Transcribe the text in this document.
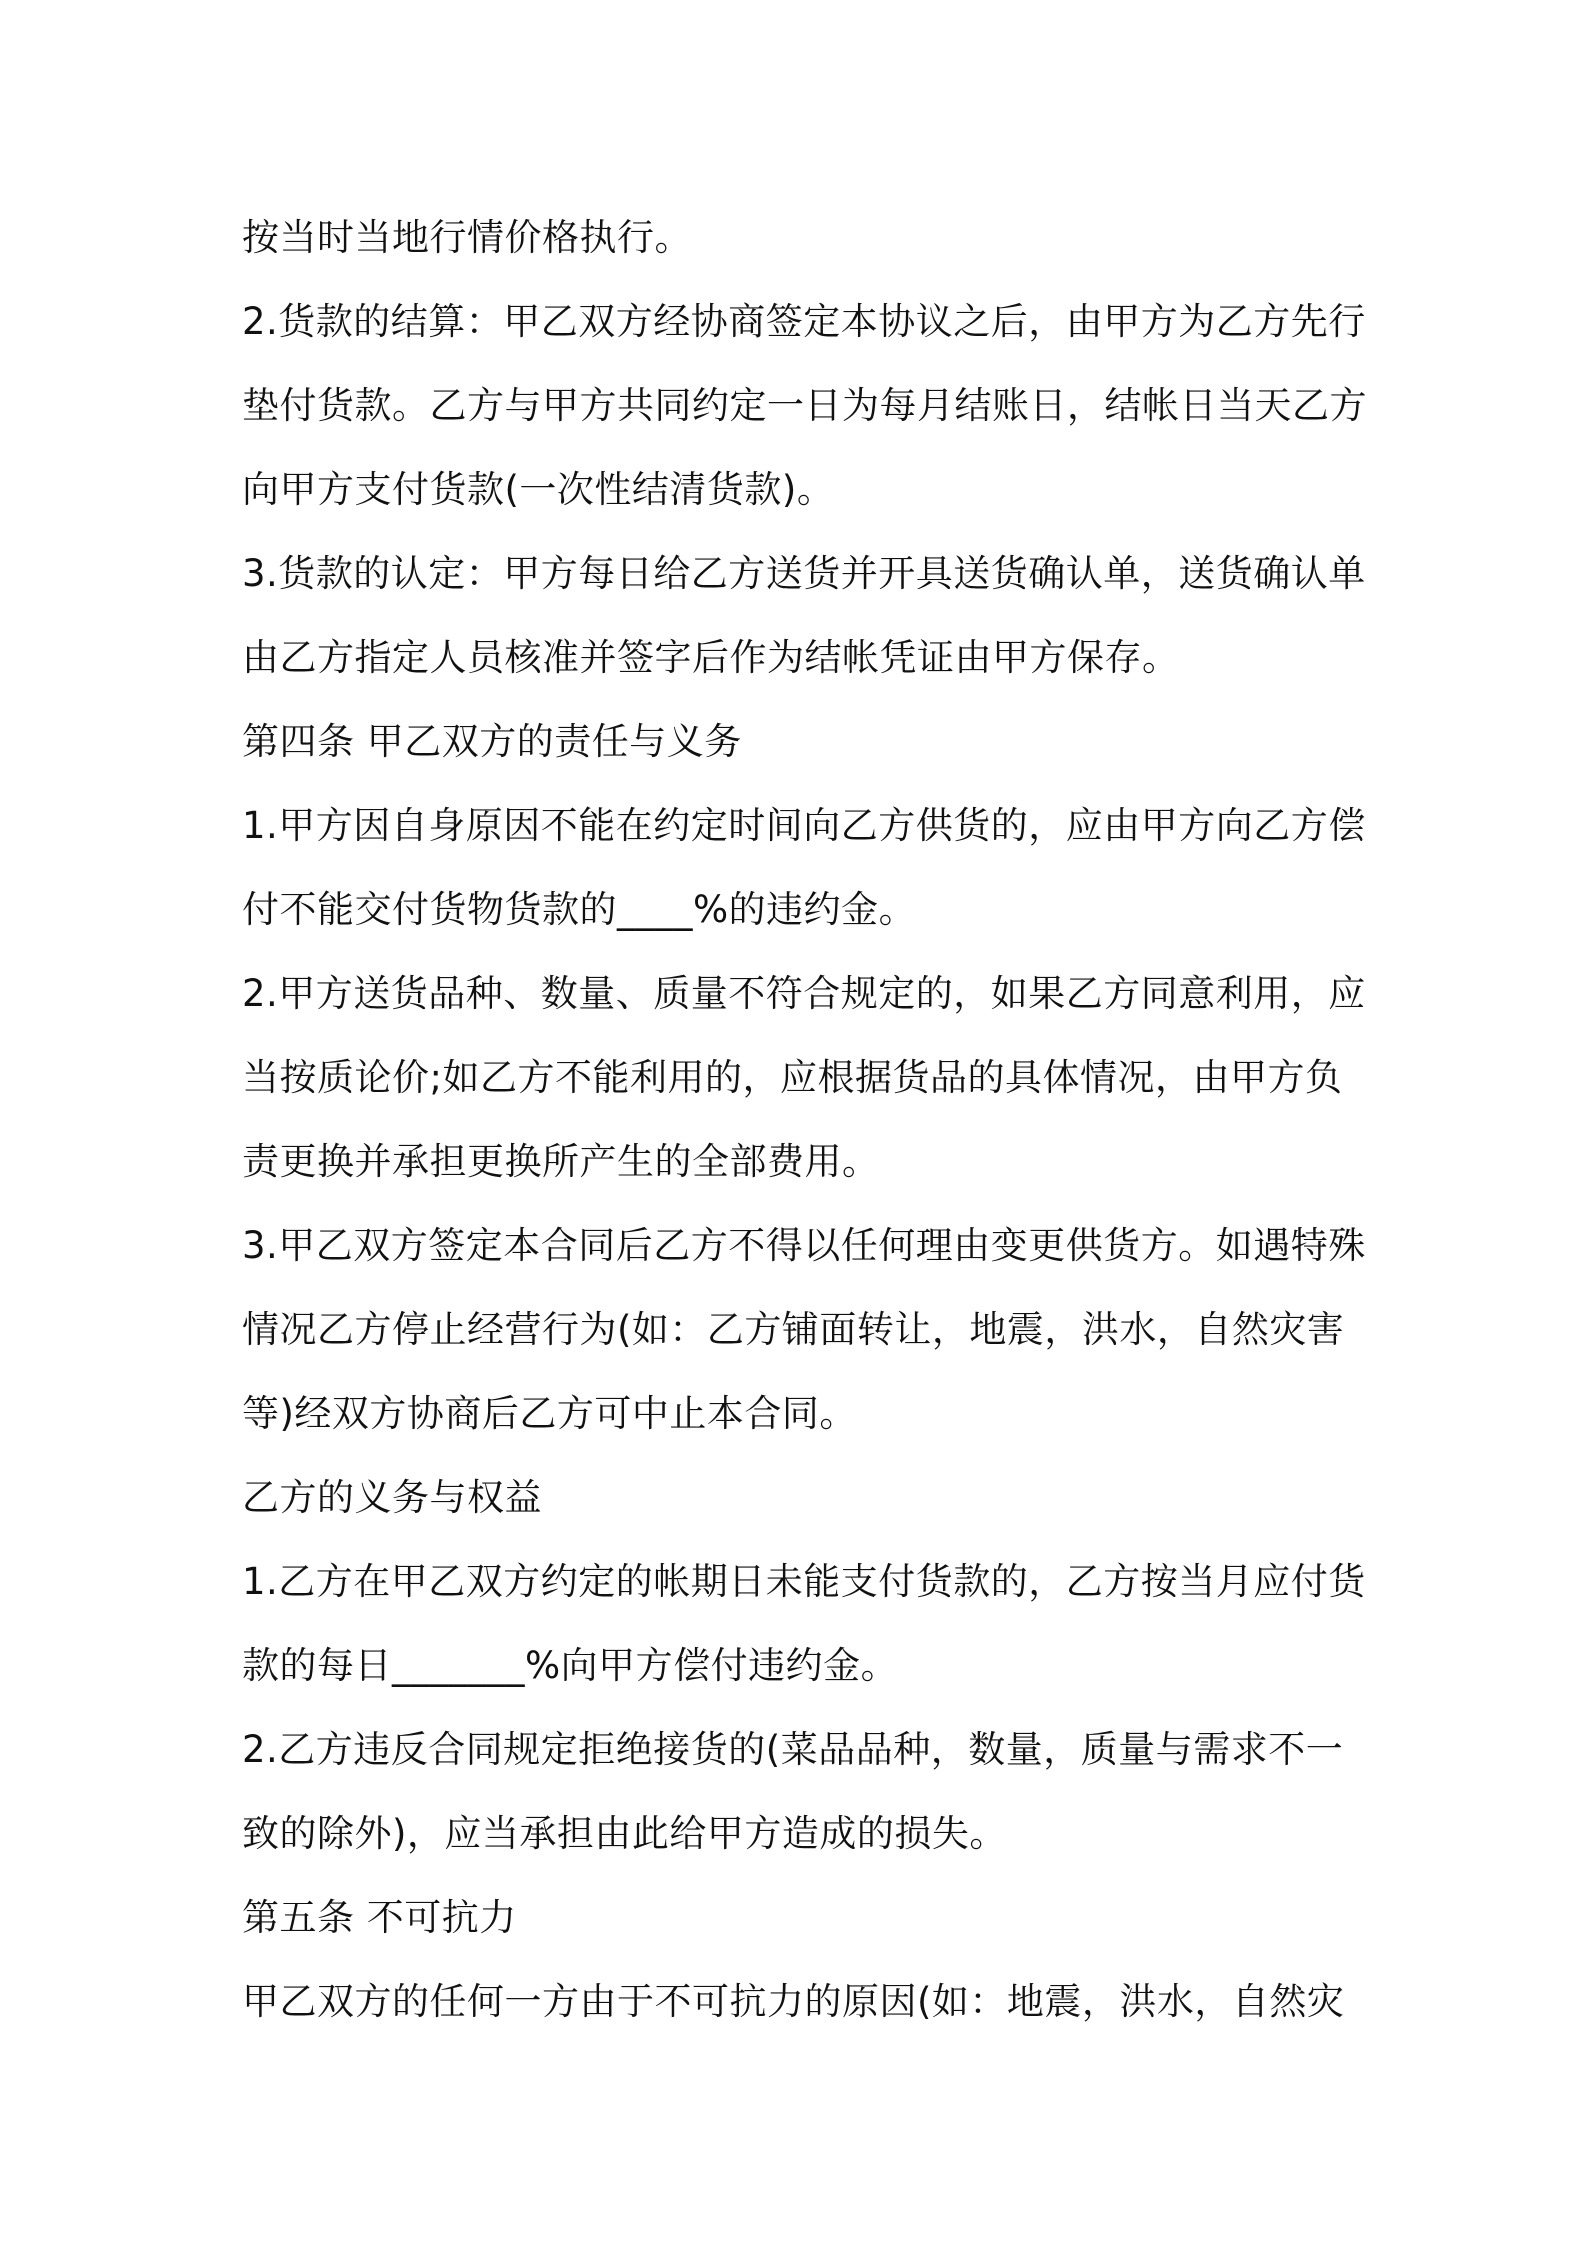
按当时当地行情价格执行。
2.货款的结算：甲乙双方经协商签定本协议之后，由甲方为乙方先行
垫付货款。乙方与甲方共同约定一日为每月结账日，结帐日当天乙方
向甲方支付货款(一次性结清货款)。
3.货款的认定：甲方每日给乙方送货并开具送货确认单，送货确认单
由乙方指定人员核准并签字后作为结帐凭证由甲方保存。
第四条 甲乙双方的责任与义务
1.甲方因自身原因不能在约定时间向乙方供货的，应由甲方向乙方偿
付不能交付货物货款的____%的违约金。
2.甲方送货品种、数量、质量不符合规定的，如果乙方同意利用，应
当按质论价;如乙方不能利用的，应根据货品的具体情况，由甲方负
责更换并承担更换所产生的全部费用。
3.甲乙双方签定本合同后乙方不得以任何理由变更供货方。如遇特殊
情况乙方停止经营行为(如：乙方铺面转让，地震，洪水，自然灾害
等)经双方协商后乙方可中止本合同。
乙方的义务与权益
1.乙方在甲乙双方约定的帐期日未能支付货款的，乙方按当月应付货
款的每日_______%向甲方偿付违约金。
2.乙方违反合同规定拒绝接货的(菜品品种，数量，质量与需求不一
致的除外)，应当承担由此给甲方造成的损失。
第五条 不可抗力
甲乙双方的任何一方由于不可抗力的原因(如：地震，洪水，自然灾
